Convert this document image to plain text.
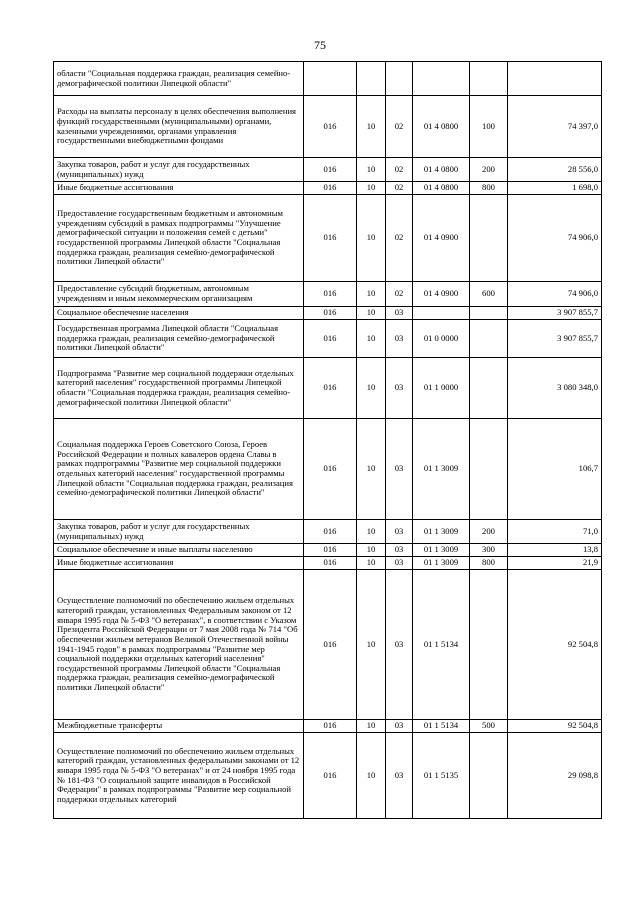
75
области "Социальная поддержка граждан, реализация семейно-демографической политики Липецкой области"						
Расходы на выплаты персоналу в целях обеспечения выполнения функций государственными (муниципальными) органами, казенными учреждениями, органами управления государственными внебюджетными фондами	016	10	02	01 4 0800	100	74 397,0
Закупка товаров, работ и услуг для государственных (муниципальных) нужд	016	10	02	01 4 0800	200	28 556,0
Иные бюджетные ассигнования	016	10	02	01 4 0800	800	1 698,0
Предоставление государственным бюджетным и автономным учреждениям субсидий в рамках подпрограммы "Улучшение демографической ситуации и положения семей с детьми" государственной программы Липецкой области "Социальная поддержка граждан, реализация семейно-демографической политики Липецкой области"	016	10	02	01 4 0900		74 906,0
Предоставление субсидий бюджетным, автономным учреждениям и иным некоммерческим организациям	016	10	02	01 4 0900	600	74 906,0
Социальное обеспечение населения	016	10	03			3 907 855,7
Государственная программа Липецкой области "Социальная поддержка граждан, реализация семейно-демографической политики Липецкой области"	016	10	03	01 0 0000		3 907 855,7
Подпрограмма "Развитие мер социальной поддержки отдельных категорий населения" государственной программы Липецкой области "Социальная поддержка граждан, реализация семейно-демографической политики Липецкой области"	016	10	03	01 1 0000		3 080 348,0
Социальная поддержка Героев Советского Союза, Героев Российской Федерации и полных кавалеров ордена Славы в рамках подпрограммы "Развитие мер социальной поддержки отдельных категорий населения" государственной программы Липецкой области "Социальная поддержка граждан, реализация семейно-демографической политики Липецкой области"	016	10	03	01 1 3009		106,7
Закупка товаров, работ и услуг для государственных (муниципальных) нужд	016	10	03	01 1 3009	200	71,0
Социальное обеспечение и иные выплаты населению	016	10	03	01 1 3009	300	13,8
Иные бюджетные ассигнования	016	10	03	01 1 3009	800	21,9
Осуществление полномочий по обеспечению жильем отдельных категорий граждан, установленных Федеральным законом от 12 января 1995 года № 5-ФЗ "О ветеранах", в соответствии с Указом Президента Российской Федерации от 7 мая 2008 года № 714 "Об обеспечении жильем ветеранов Великой Отечественной войны 1941-1945 годов" в рамках подпрограммы "Развитие мер социальной поддержки отдельных категорий населения" государственной программы Липецкой области "Социальная поддержка граждан, реализация семейно-демографической политики Липецкой области"	016	10	03	01 1 5134		92 504,8
Межбюджетные трансферты	016	10	03	01 1 5134	500	92 504,8
Осуществление полномочий по обеспечению жильем отдельных категорий граждан, установленных федеральными законами от 12 января 1995 года № 5-ФЗ "О ветеранах" и от 24 ноября 1995 года № 181-ФЗ "О социальной защите инвалидов в Российской Федерации" в рамках подпрограммы "Развитие мер социальной поддержки отдельных категорий	016	10	03	01 1 5135		29 098,8
